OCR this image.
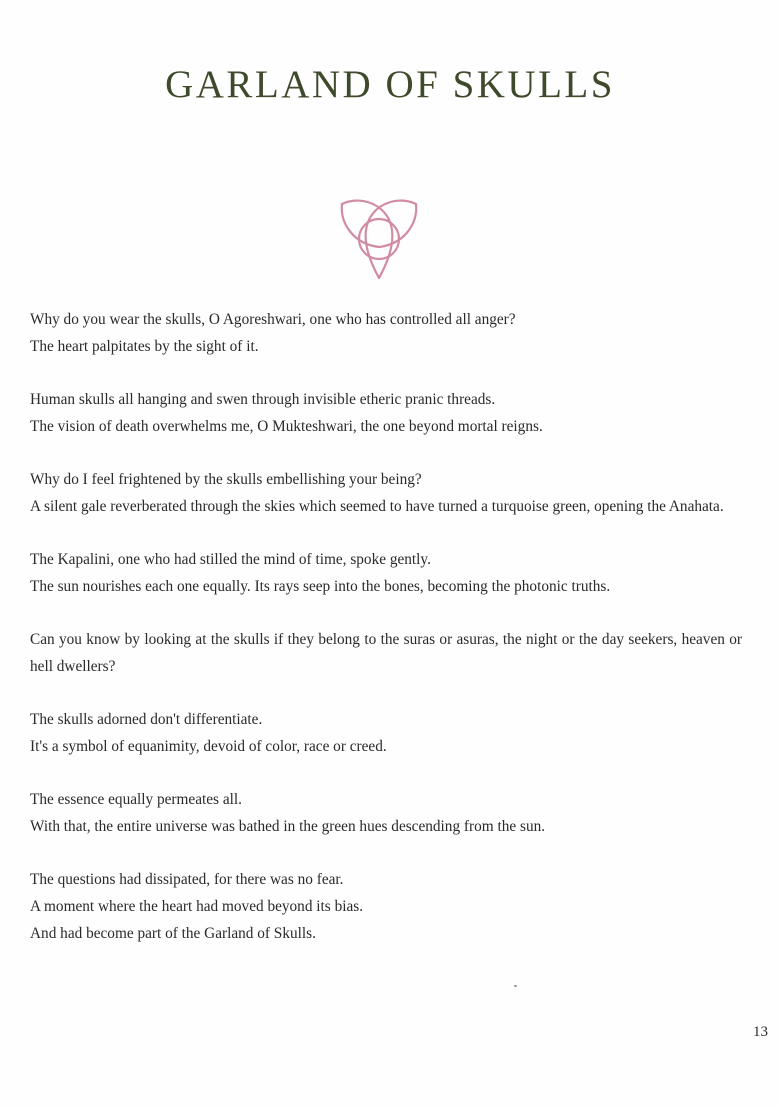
GARLAND OF SKULLS
Why do you wear the skulls, O Agoreshwari, one who has controlled all anger?
The heart palpitates by the sight of it.
Human skulls all hanging and swen through invisible etheric pranic threads.
The vision of death overwhelms me, O Mukteshwari, the one beyond mortal reigns.
Why do I feel frightened by the skulls embellishing your being?
A silent gale reverberated through the skies which seemed to have turned a turquoise green, opening the Anahata.
The Kapalini, one who had stilled the mind of time, spoke gently.
The sun nourishes each one equally. Its rays seep into the bones, becoming the photonic truths.
Can you know by looking at the skulls if they belong to the suras or asuras, the night or the day seekers, heaven or hell dwellers?
The skulls adorned don't differentiate.
It's a symbol of equanimity, devoid of color, race or creed.
The essence equally permeates all.
With that, the entire universe was bathed in the green hues descending from the sun.
The questions had dissipated, for there was no fear.
A moment where the heart had moved beyond its bias.
And had become part of the Garland of Skulls.
13
